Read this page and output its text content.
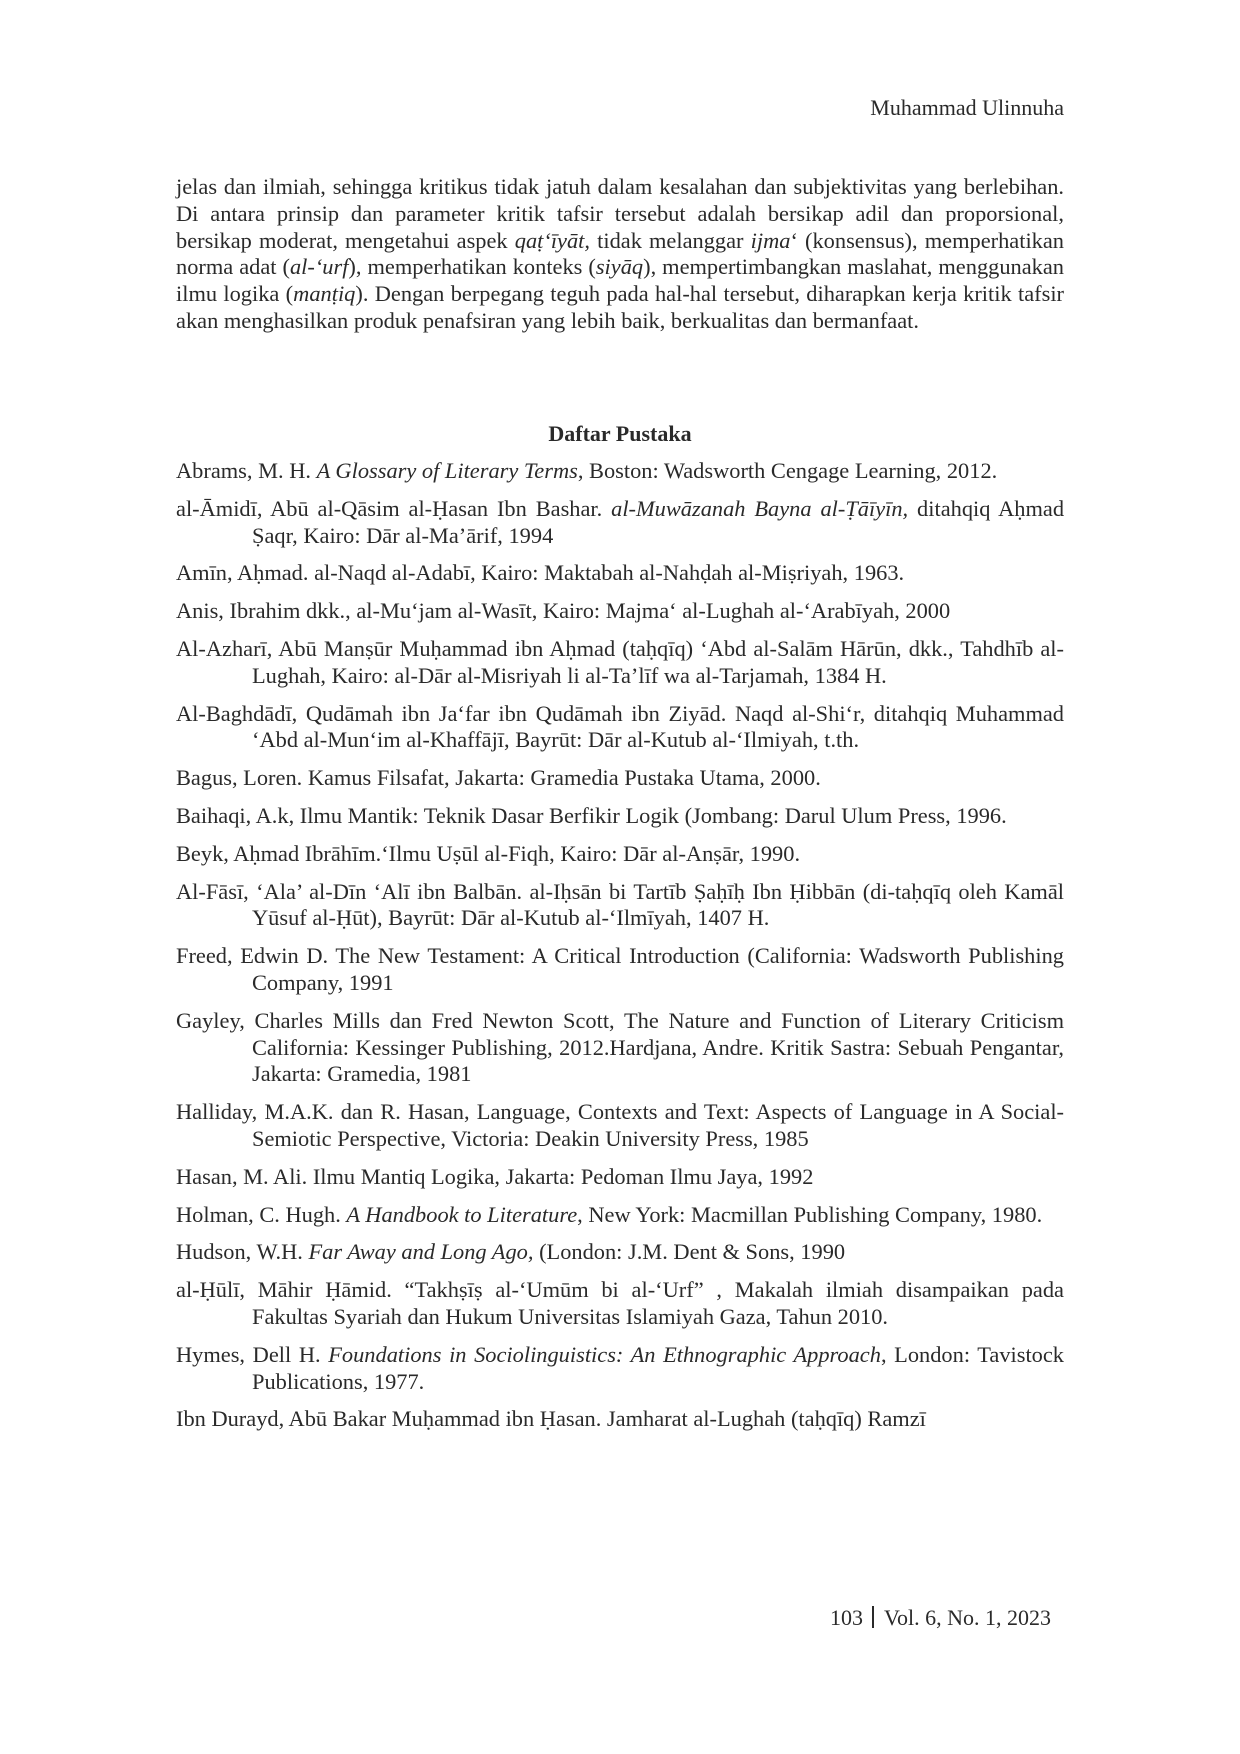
Muhammad Ulinnuha

jelas dan ilmiah, sehingga kritikus tidak jatuh dalam kesalahan dan subjektivitas yang berlebihan. Di antara prinsip dan parameter kritik tafsir tersebut adalah bersikap adil dan proporsional, bersikap moderat, mengetahui aspek qaṭ‘īyāt, tidak melanggar ijma‘ (konsensus), memperhatikan norma adat (al-‘urf), memperhatikan konteks (siyāq), mempertimbangkan maslahat, menggunakan ilmu logika (manṭiq). Dengan berpegang teguh pada hal-hal tersebut, diharapkan kerja kritik tafsir akan menghasilkan produk penafsiran yang lebih baik, berkualitas dan bermanfaat.

Daftar Pustaka
Abrams, M. H. A Glossary of Literary Terms, Boston: Wadsworth Cengage Learning, 2012.
al-Āmidī, Abū al-Qāsim al-Ḥasan Ibn Bashar. al-Muwāzanah Bayna al-Ṭāīyīn, ditahqiq Aḥmad Ṣaqr, Kairo: Dār al-Ma’ārif, 1994
Amīn, Aḥmad. al-Naqd al-Adabī, Kairo: Maktabah al-Nahḍah al-Miṣriyah, 1963.
Anis, Ibrahim dkk., al-Mu‘jam al-Wasīt, Kairo: Majma‘ al-Lughah al-‘Arabīyah, 2000
Al-Azharī, Abū Manṣūr Muḥammad ibn Aḥmad (taḥqīq) ‘Abd al-Salām Hārūn, dkk., Tahdhīb al-Lughah, Kairo: al-Dār al-Misriyah li al-Ta’līf wa al-Tarjamah, 1384 H.
Al-Baghdādī, Qudāmah ibn Ja‘far ibn Qudāmah ibn Ziyād. Naqd al-Shi‘r, ditahqiq Muhammad ‘Abd al-Mun‘im al-Khaffājī, Bayrūt: Dār al-Kutub al-‘Ilmiyah, t.th.
Bagus, Loren. Kamus Filsafat, Jakarta: Gramedia Pustaka Utama, 2000.
Baihaqi, A.k, Ilmu Mantik: Teknik Dasar Berfikir Logik (Jombang: Darul Ulum Press, 1996.
Beyk, Aḥmad Ibrāhīm.‘Ilmu Uṣūl al-Fiqh, Kairo: Dār al-Anṣār, 1990.
Al-Fāsī, ‘Ala’ al-Dīn ‘Alī ibn Balbān. al-Iḥsān bi Tartīb Ṣaḥīḥ Ibn Ḥibbān (di-taḥqīq oleh Kamāl Yūsuf al-Ḥūt), Bayrūt: Dār al-Kutub al-‘Ilmīyah, 1407 H.
Freed, Edwin D. The New Testament: A Critical Introduction (California: Wadsworth Publishing Company, 1991
Gayley, Charles Mills dan Fred Newton Scott, The Nature and Function of Literary Criticism California: Kessinger Publishing, 2012.Hardjana, Andre. Kritik Sastra: Sebuah Pengantar, Jakarta: Gramedia, 1981
Halliday, M.A.K. dan R. Hasan, Language, Contexts and Text: Aspects of Language in A Social-Semiotic Perspective, Victoria: Deakin University Press, 1985
Hasan, M. Ali. Ilmu Mantiq Logika, Jakarta: Pedoman Ilmu Jaya, 1992
Holman, C. Hugh. A Handbook to Literature, New York: Macmillan Publishing Company, 1980.
Hudson, W.H. Far Away and Long Ago, (London: J.M. Dent & Sons, 1990
al-Ḥūlī, Māhir Ḥāmid. “Takhṣīṣ al-‘Umūm bi al-‘Urf” , Makalah ilmiah disampaikan pada Fakultas Syariah dan Hukum Universitas Islamiyah Gaza, Tahun 2010.
Hymes, Dell H. Foundations in Sociolinguistics: An Ethnographic Approach, London: Tavistock Publications, 1977.
Ibn Durayd, Abū Bakar Muḥammad ibn Ḥasan. Jamharat al-Lughah (taḥqīq) Ramzī
103 Vol. 6, No. 1, 2023
